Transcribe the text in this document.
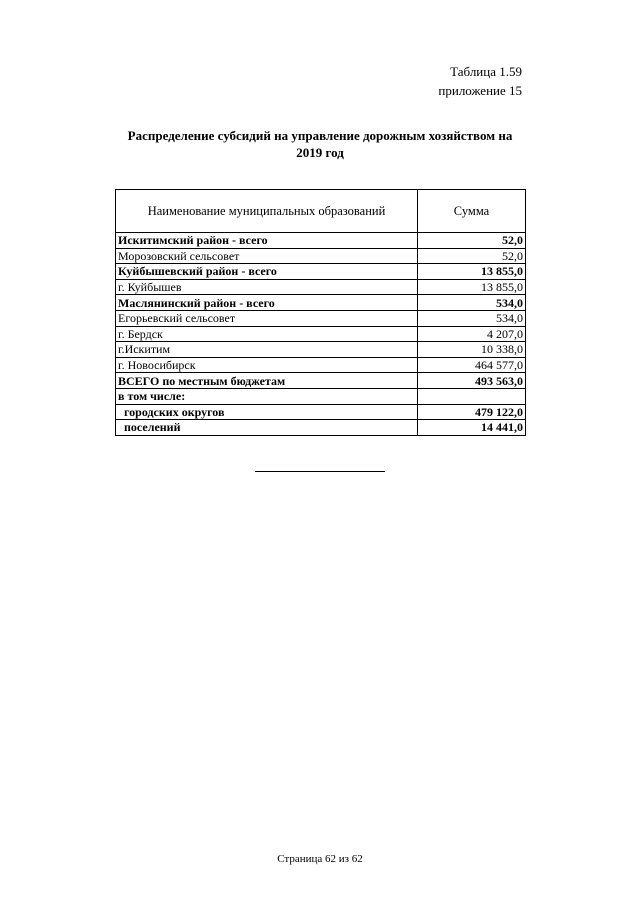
Таблица 1.59
приложение 15
Распределение субсидий на управление дорожным хозяйством на
2019 год
Наименование муниципальных образований	Сумма
Искитимский район - всего	52,0
Морозовский сельсовет	52,0
Куйбышевский район - всего	13 855,0
г. Куйбышев	13 855,0
Маслянинский район - всего	534,0
Егорьевский сельсовет	534,0
г. Бердск	4 207,0
г.Искитим	10 338,0
г. Новосибирск	464 577,0
ВСЕГО по местным бюджетам	493 563,0
в том числе:	
городских округов	479 122,0
поселений	14 441,0
Страница 62 из 62
